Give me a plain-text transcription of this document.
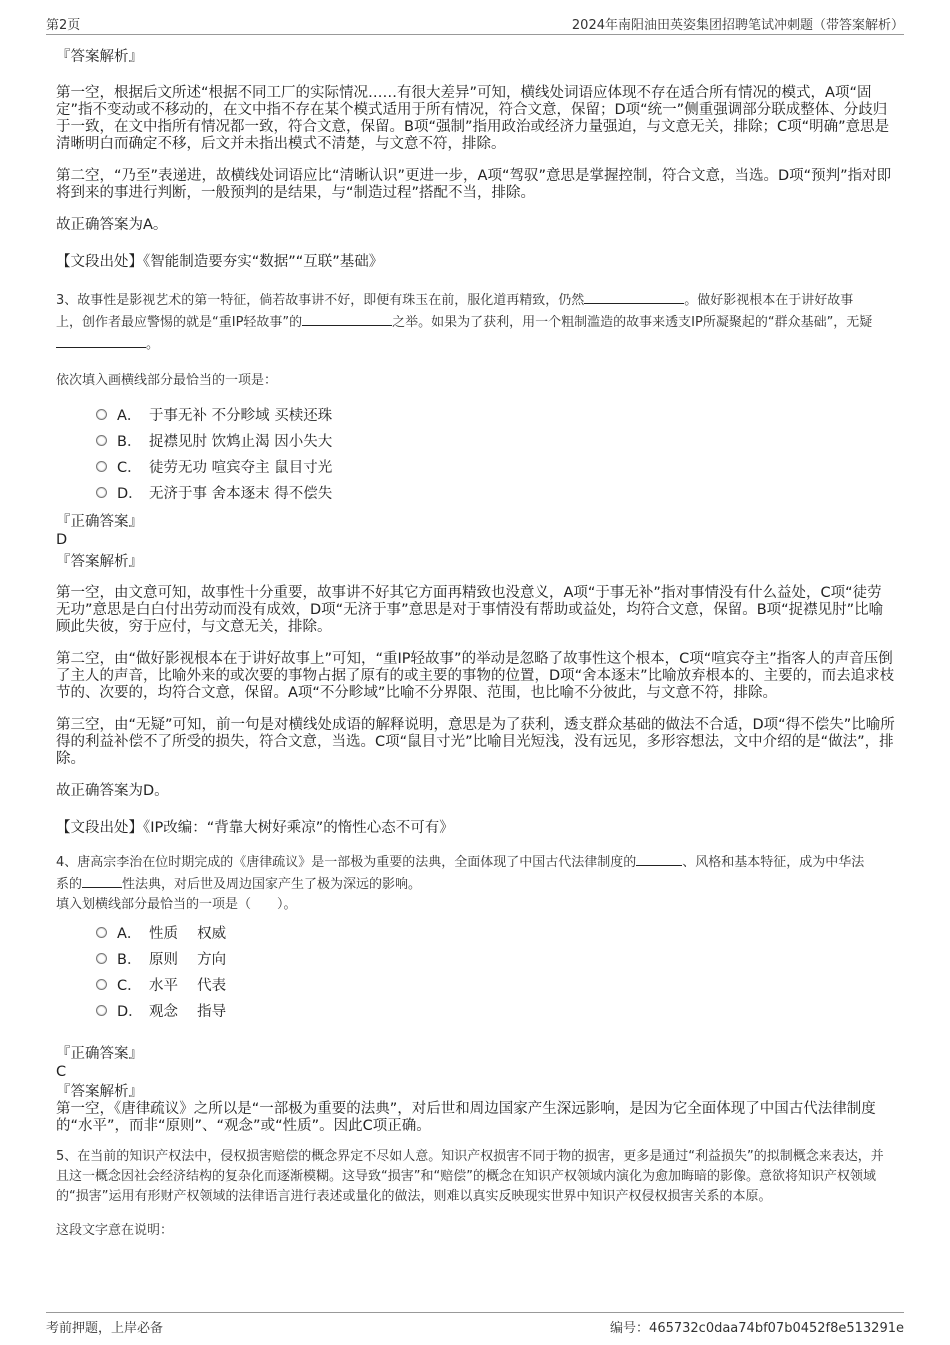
第2页	2024年南阳油田英姿集团招聘笔试冲刺题（带答案解析）

『答案解析』

第一空，根据后文所述“根据不同工厂的实际情况……有很大差异”可知，横线处词语应体现不存在适合所有情况的模式，A项“固定”指不变动或不移动的，在文中指不存在某个模式适用于所有情况，符合文意，保留；D项“统一”侧重强调部分联成整体、分歧归于一致，在文中指所有情况都一致，符合文意，保留。B项“强制”指用政治或经济力量强迫，与文意无关，排除；C项“明确”意思是清晰明白而确定不移，后文并未指出模式不清楚，与文意不符，排除。

第二空，“乃至”表递进，故横线处词语应比“清晰认识”更进一步，A项“驾驭”意思是掌握控制，符合文意，当选。D项“预判”指对即将到来的事进行判断，一般预判的是结果，与“制造过程”搭配不当，排除。

故正确答案为A。

【文段出处】《智能制造要夯实“数据”“互联”基础》

3、故事性是影视艺术的第一特征，倘若故事讲不好，即便有珠玉在前，服化道再精致，仍然	。做好影视根本在于讲好故事
上，创作者最应警惕的就是“重IP轻故事”的	之举。如果为了获利，用一个粗制滥造的故事来透支IP所凝聚起的“群众基础”，无疑
。

依次填入画横线部分最恰当的一项是：

A． 于事无补 不分畛域 买椟还珠
B． 捉襟见肘 饮鸩止渴 因小失大
C． 徒劳无功 喧宾夺主 鼠目寸光
D． 无济于事 舍本逐末 得不偿失

『正确答案』

D

『答案解析』

第一空，由文意可知，故事性十分重要，故事讲不好其它方面再精致也没意义，A项“于事无补”指对事情没有什么益处，C项“徒劳无功”意思是白白付出劳动而没有成效，D项“无济于事”意思是对于事情没有帮助或益处，均符合文意，保留。B项“捉襟见肘”比喻顾此失彼，穷于应付，与文意无关，排除。

第二空，由“做好影视根本在于讲好故事上”可知，“重IP轻故事”的举动是忽略了故事性这个根本，C项“喧宾夺主”指客人的声音压倒了主人的声音，比喻外来的或次要的事物占据了原有的或主要的事物的位置，D项“舍本逐末”比喻放弃根本的、主要的，而去追求枝节的、次要的，均符合文意，保留。A项“不分畛域”比喻不分界限、范围，也比喻不分彼此，与文意不符，排除。

第三空，由“无疑”可知，前一句是对横线处成语的解释说明，意思是为了获利，透支群众基础的做法不合适，D项“得不偿失”比喻所得的利益补偿不了所受的损失，符合文意，当选。C项“鼠目寸光”比喻目光短浅，没有远见，多形容想法，文中介绍的是“做法”，排除。

故正确答案为D。

【文段出处】《IP改编：“背靠大树好乘凉”的惰性心态不可有》

4、唐高宗李治在位时期完成的《唐律疏议》是一部极为重要的法典，全面体现了中国古代法律制度的	、风格和基本特征，成为中华法
系的	性法典，对后世及周边国家产生了极为深远的影响。
填入划横线部分最恰当的一项是（　　）。

A． 性质　 权威
B． 原则　 方向
C． 水平　 代表
D． 观念　 指导

『正确答案』

C

『答案解析』

第一空，《唐律疏议》之所以是“一部极为重要的法典”，对后世和周边国家产生深远影响，是因为它全面体现了中国古代法律制度的“水平”，而非“原则”、“观念”或“性质”。因此C项正确。

5、在当前的知识产权法中，侵权损害赔偿的概念界定不尽如人意。知识产权损害不同于物的损害，更多是通过“利益损失”的拟制概念来表达，并且这一概念因社会经济结构的复杂化而逐渐模糊。这导致“损害”和“赔偿”的概念在知识产权领域内演化为愈加晦暗的影像。意欲将知识产权领域的“损害”运用有形财产权领域的法律语言进行表述或量化的做法，则难以真实反映现实世界中知识产权侵权损害关系的本原。

这段文字意在说明：

考前押题，上岸必备	编号：465732c0daa74bf07b0452f8e513291e
